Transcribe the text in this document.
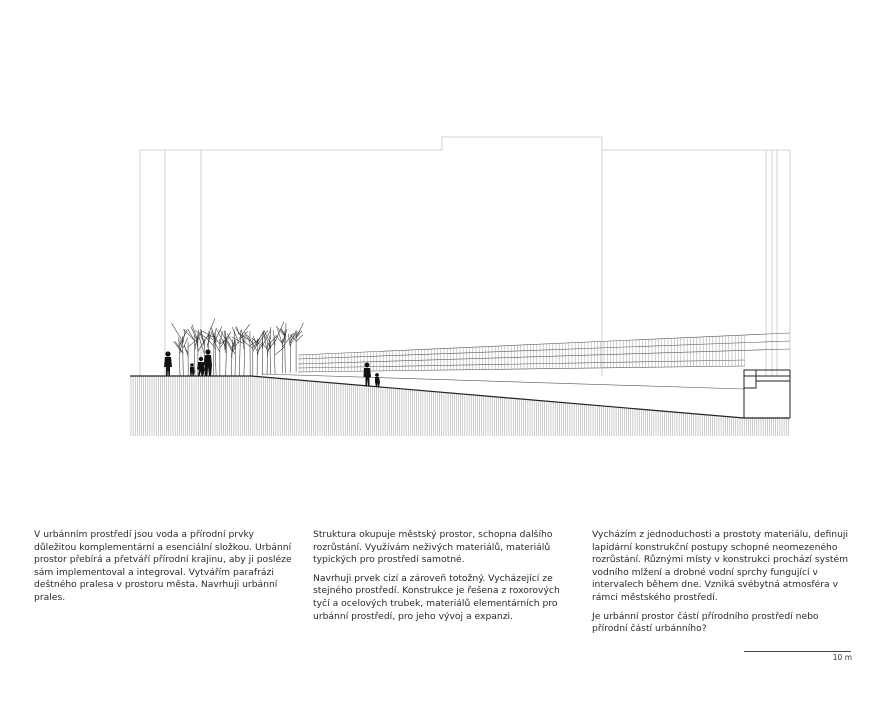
V urbánním prostředí jsou voda a přírodní prvky důležitou komplementární a esenciální složkou. Urbánní prostor přebírá a přetváří přírodní krajinu, aby ji posléze sám implementoval a integroval. Vytvářím parafrázi deštného pralesa v prostoru města. Navrhuji urbánní prales.

Struktura okupuje městský prostor, schopna dalšího rozrůstání. Využívám neživých materiálů, materiálů typických pro prostředí samotné.

Navrhuji prvek cizí a zároveň totožný. Vycházející ze stejného prostředí. Konstrukce je řešena z roxorových tyčí a ocelových trubek, materiálů elementárních pro urbánní prostředí, pro jeho vývoj a expanzi.

Vycházím z jednoduchosti a prostoty materiálu, definuji lapidární konstrukční postupy schopné neomezeného rozrůstání. Různými místy v konstrukci prochází systém vodního mlžení a drobné vodní sprchy fungující v intervalech během dne. Vzniká svébytná atmosféra v rámci městského prostředí.

Je urbánní prostor částí přírodního prostředí nebo přírodní částí urbánního?

10 m
